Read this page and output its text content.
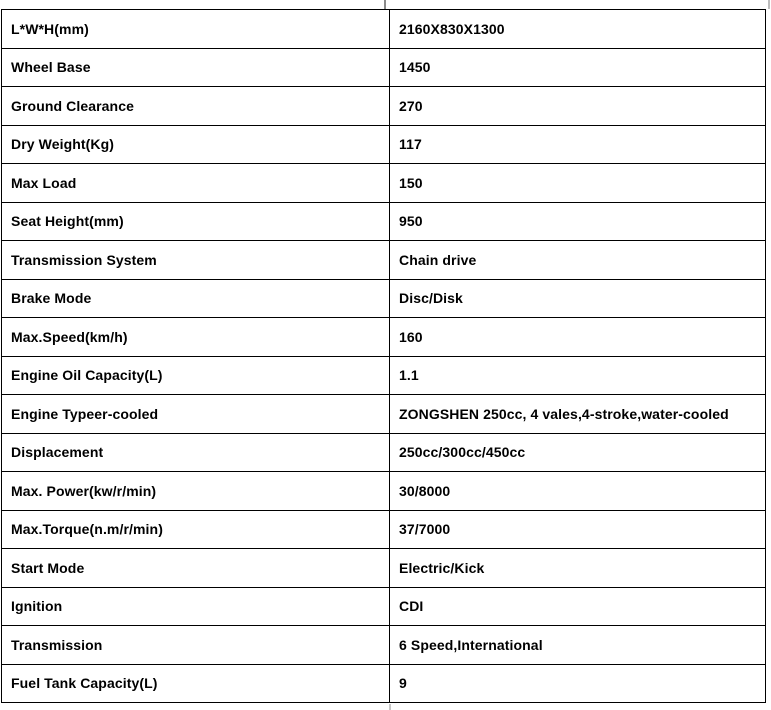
L*W*H(mm)	2160X830X1300
Wheel Base	1450
Ground Clearance	270
Dry Weight(Kg)	117
Max Load	150
Seat Height(mm)	950
Transmission System	Chain drive
Brake Mode	Disc/Disk
Max.Speed(km/h)	160
Engine Oil Capacity(L)	1.1
Engine Typeer-cooled	ZONGSHEN 250cc, 4 vales,4-stroke,water-cooled
Displacement	250cc/300cc/450cc
Max. Power(kw/r/min)	30/8000
Max.Torque(n.m/r/min)	37/7000
Start Mode	Electric/Kick
Ignition	CDI
Transmission	6 Speed,International
Fuel Tank Capacity(L)	9
